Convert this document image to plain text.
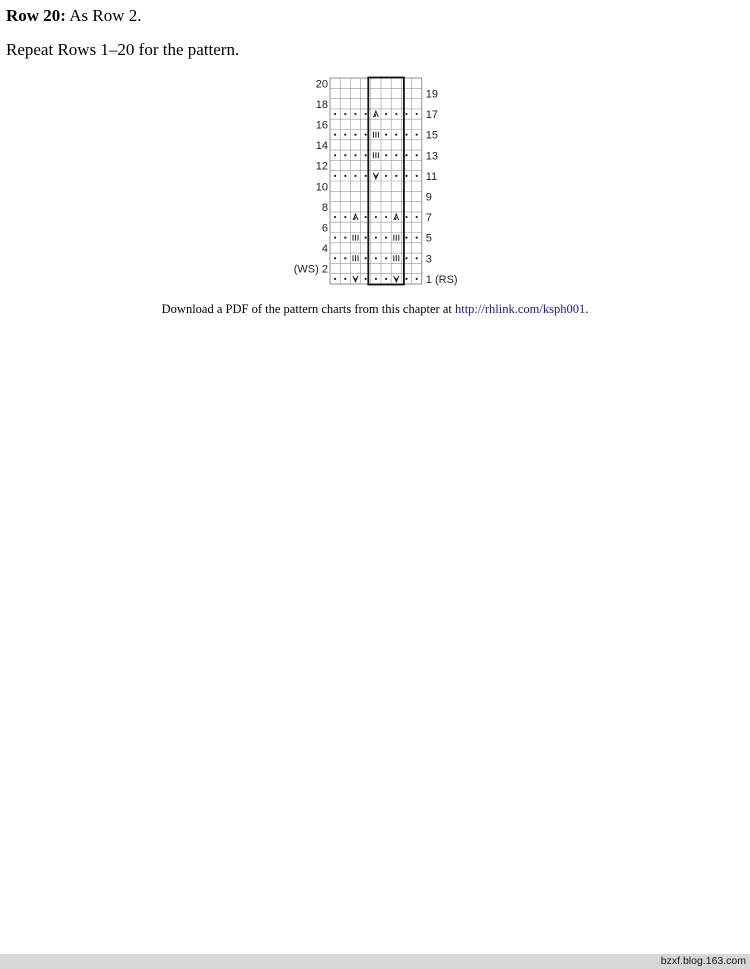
Row 20: As Row 2.
Repeat Rows 1–20 for the pattern.
20
18
16
14
12
10
8
6
4
(WS) 2
19
17
15
13
11
9
7
5
3
1 (RS)
Download a PDF of the pattern charts from this chapter at http://rhlink.com/ksph001.
bzxf.blog.163.com
